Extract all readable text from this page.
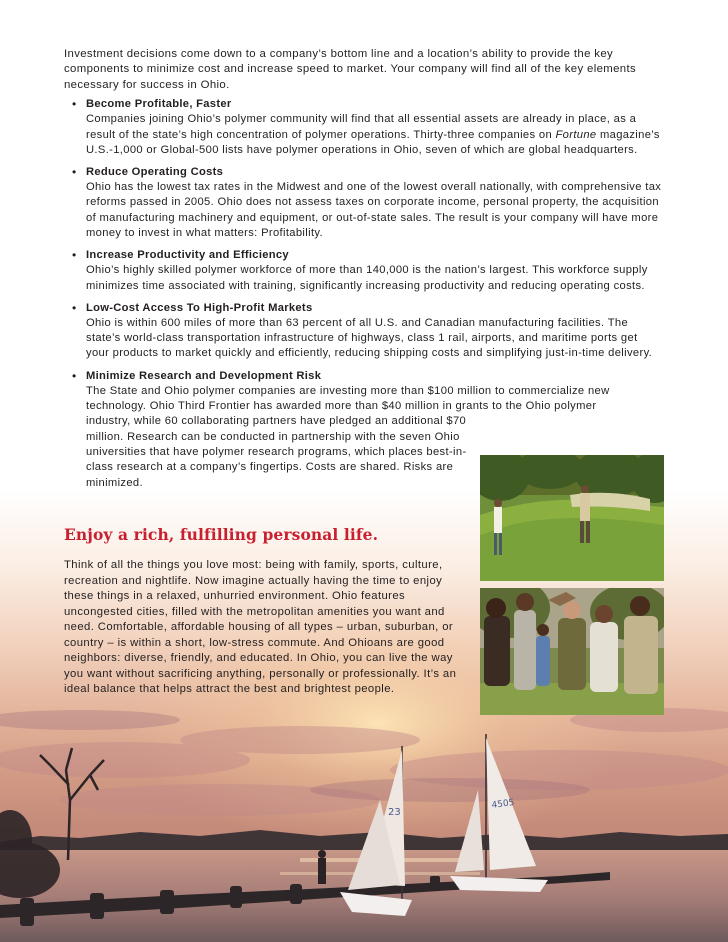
23
4505

Investment decisions come down to a company’s bottom line and a location’s ability to provide the key components to minimize cost and increase speed to market. Your company will find all of the key elements necessary for success in Ohio.

• Become Profitable, Faster
Companies joining Ohio’s polymer community will find that all essential assets are already in place, as a result of the state’s high concentration of polymer operations. Thirty-three companies on Fortune magazine’s U.S.-1,000 or Global-500 lists have polymer operations in Ohio, seven of which are global headquarters.
• Reduce Operating Costs
Ohio has the lowest tax rates in the Midwest and one of the lowest overall nationally, with comprehensive tax reforms passed in 2005. Ohio does not assess taxes on corporate income, personal property, the acquisition of manufacturing machinery and equipment, or out-of-state sales. The result is your company will have more money to invest in what matters: Profitability.
• Increase Productivity and Efficiency
Ohio’s highly skilled polymer workforce of more than 140,000 is the nation’s largest. This workforce supply minimizes time associated with training, significantly increasing productivity and reducing operating costs.
• Low-Cost Access To High-Profit Markets
Ohio is within 600 miles of more than 63 percent of all U.S. and Canadian manufacturing facilities. The state’s world-class transportation infrastructure of highways, class 1 rail, airports, and maritime ports get your products to market quickly and efficiently, reducing shipping costs and simplifying just-in-time delivery.
• Minimize Research and Development Risk
The State and Ohio polymer companies are investing more than $100 million to commercialize new technology. Ohio Third Frontier has awarded more than $40 million in grants to the Ohio polymer
industry, while 60 collaborating partners have pledged an additional $70 million. Research can be conducted in partnership with the seven Ohio universities that have polymer research programs, which places best-in-class research at a company’s fingertips. Costs are shared. Risks are minimized.
Enjoy a rich, fulfilling personal life.

Think of all the things you love most: being with family, sports, culture, recreation and nightlife. Now imagine actually having the time to enjoy these things in a relaxed, unhurried environment. Ohio features uncongested cities, filled with the metropolitan amenities you want and need. Comfortable, affordable housing of all types – urban, suburban, or country – is within a short, low-stress commute. And Ohioans are good neighbors: diverse, friendly, and educated. In Ohio, you can live the way you want without sacrificing anything, personally or professionally. It’s an ideal balance that helps attract the best and brightest people.
